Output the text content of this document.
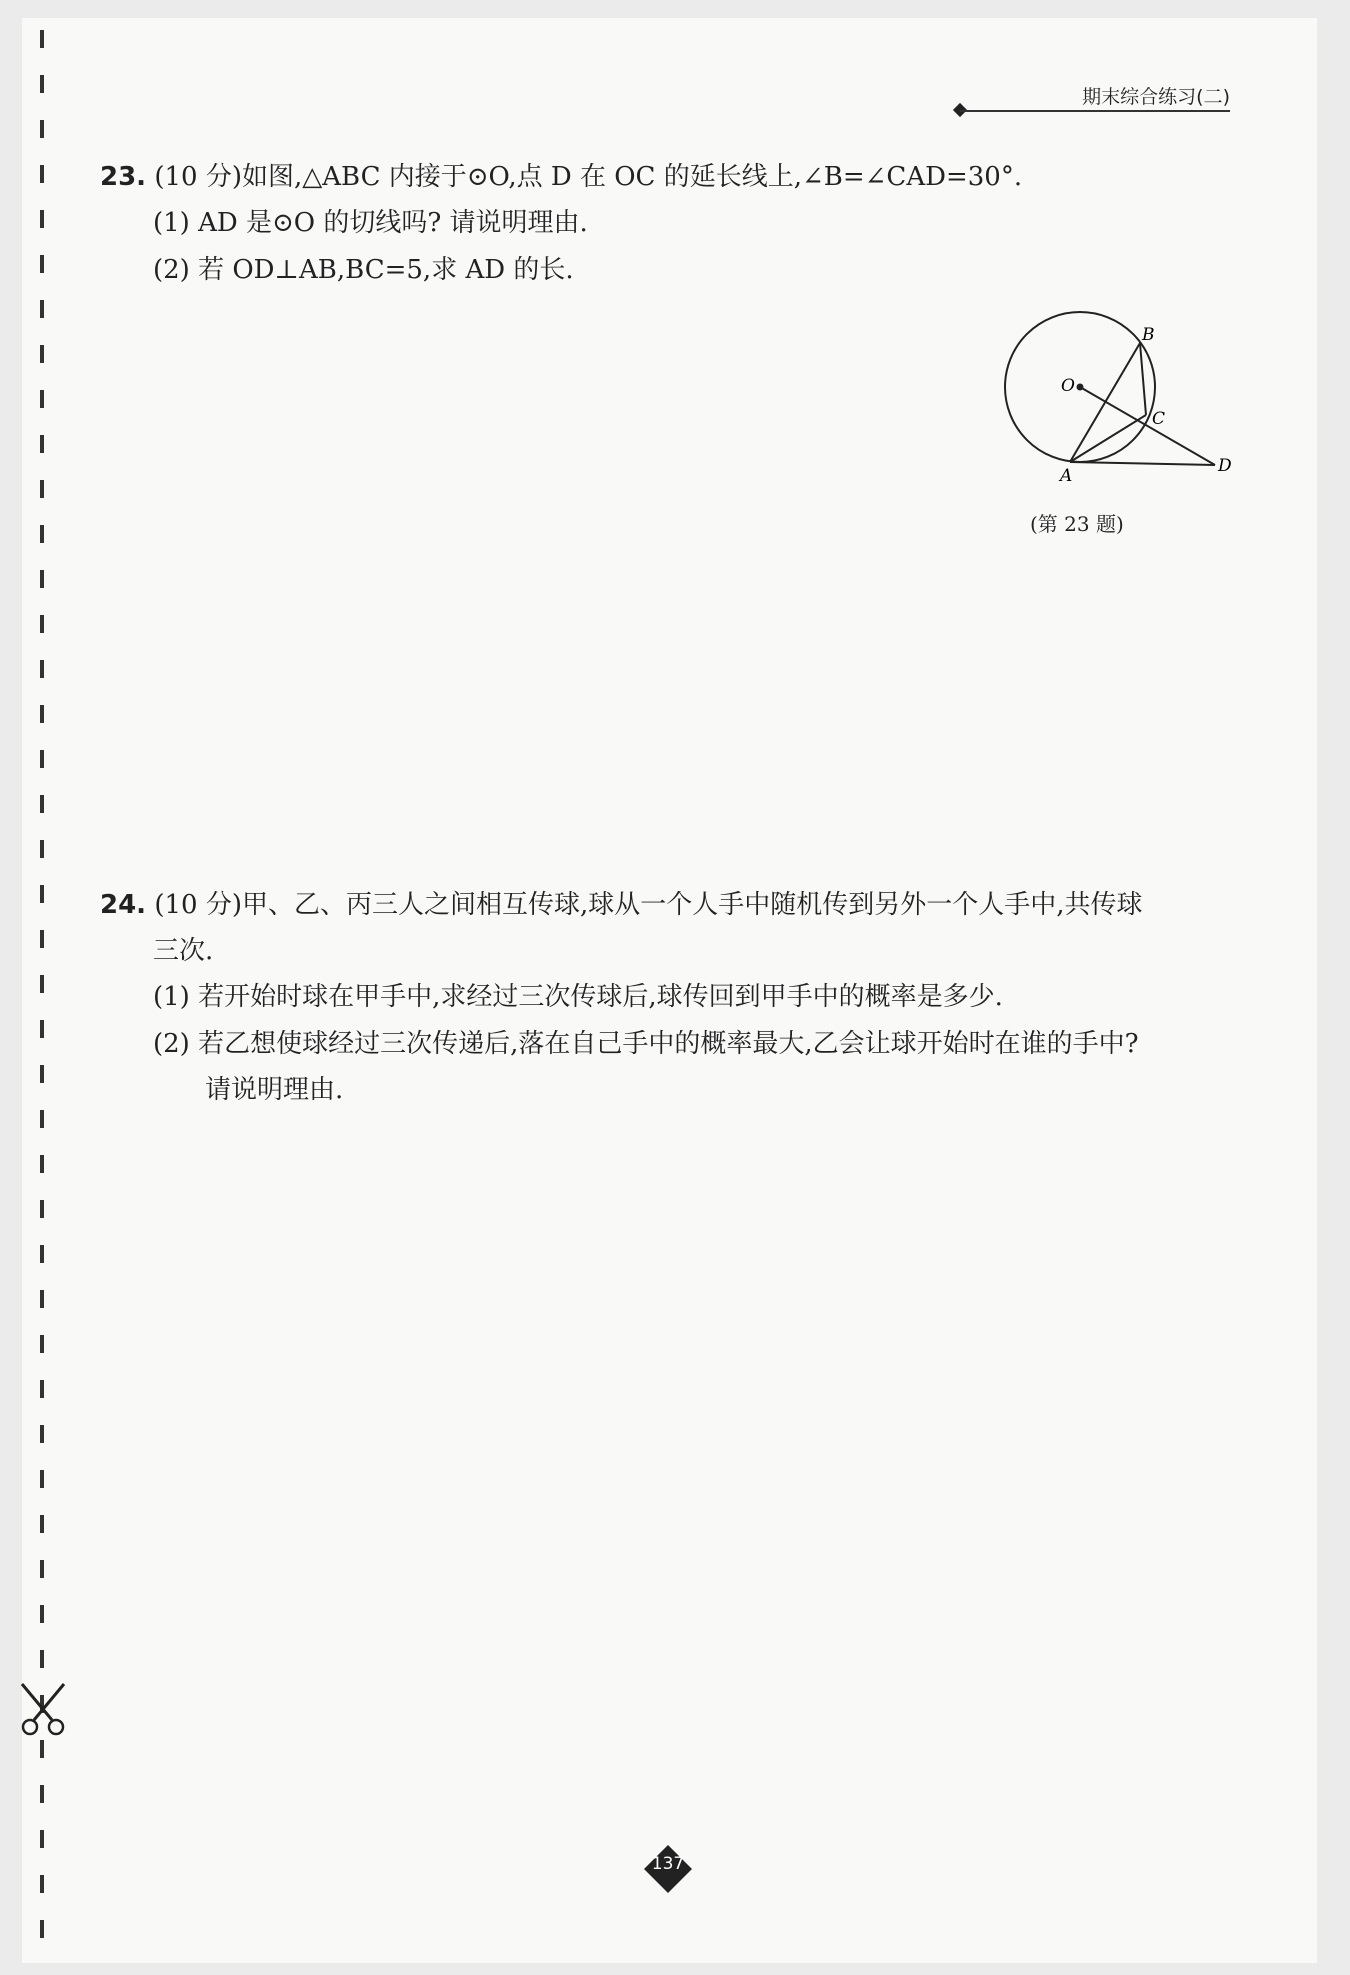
期末综合练习(二)
23. (10 分)如图,△ABC 内接于⊙O,点 D 在 OC 的延长线上,∠B=∠CAD=30°.
(1) AD 是⊙O 的切线吗? 请说明理由.
(2) 若 OD⊥AB,BC=5,求 AD 的长.
O
A
B
C
D
(第 23 题)
24. (10 分)甲、乙、丙三人之间相互传球,球从一个人手中随机传到另外一个人手中,共传球
三次.
(1) 若开始时球在甲手中,求经过三次传球后,球传回到甲手中的概率是多少.
(2) 若乙想使球经过三次传递后,落在自己手中的概率最大,乙会让球开始时在谁的手中?
请说明理由.
137
